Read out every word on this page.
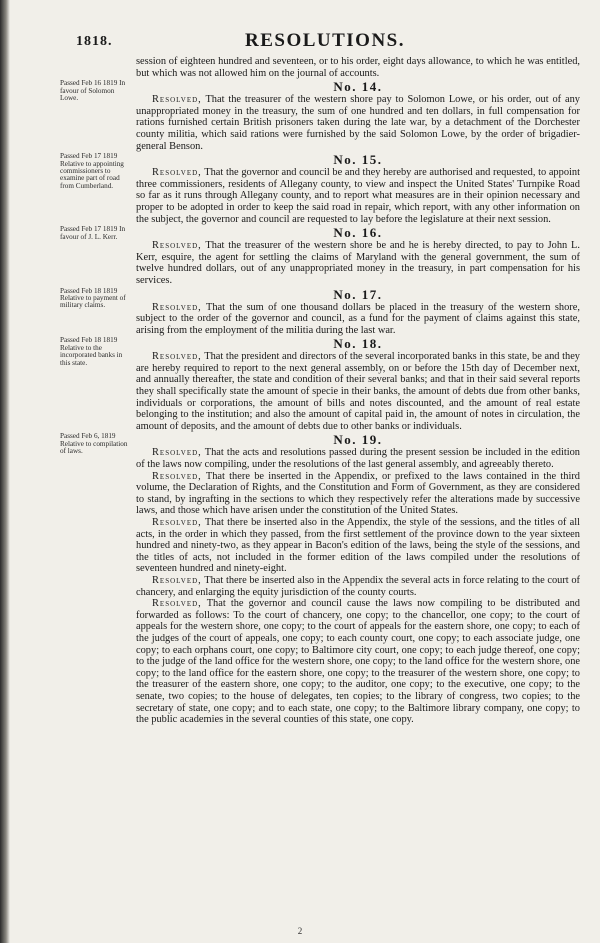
1818.	RESOLUTIONS.

session of eighteen hundred and seventeen, or to his order, eight days allowance, to which he was entitled, but which was not allowed him on the journal of accounts.

Passed Feb 16 1819 In favour of Solomon Lowe.
No. 14.

Resolved, That the treasurer of the western shore pay to Solomon Lowe, or his order, out of any unappropriated money in the treasury, the sum of one hundred and ten dollars, in full compensation for rations furnished certain British prisoners taken during the late war, by a detachment of the Dorchester county militia, which said rations were furnished by the said Solomon Lowe, by the order of brigadier-general Benson.

Passed Feb 17 1819 Relative to appointing commissioners to examine part of road from Cumberland.
No. 15.

Resolved, That the governor and council be and they hereby are authorised and requested, to appoint three commissioners, residents of Allegany county, to view and inspect the United States' Turnpike Road so far as it runs through Allegany county, and to report what measures are in their opinion necessary and proper to be adopted in order to keep the said road in repair, which report, with any other information on the subject, the governor and council are requested to lay before the legislature at their next session.

Passed Feb 17 1819 In favour of J. L. Kerr.	No. 16.

Resolved, That the treasurer of the western shore be and he is hereby directed, to pay to John L. Kerr, esquire, the agent for settling the claims of Maryland with the general government, the sum of twelve hundred dollars, out of any unappropriated money in the treasury, in part compensation for his services.

Passed Feb 18 1819 Relative to payment of military claims.
No. 17.

Resolved, That the sum of one thousand dollars be placed in the treasury of the western shore, subject to the order of the governor and council, as a fund for the payment of claims against this state, arising from the employment of the militia during the last war.

Passed Feb 18 1819 Relative to the incorporated banks in this state.
No. 18.

Resolved, That the president and directors of the several incorporated banks in this state, be and they are hereby required to report to the next general assembly, on or before the 15th day of December next, and annually thereafter, the state and condition of their several banks; and that in their said several reports they shall specifically state the amount of specie in their banks, the amount of debts due from other banks, individuals or corporations, the amount of bills and notes discounted, and the amount of real estate belonging to the institution; and also the amount of capital paid in, the amount of notes in circulation, the amount of deposits, and the amount of debts due to other banks or individuals.

Passed Feb 6, 1819 Relative to compilation of laws.
No. 19.

Resolved, That the acts and resolutions passed during the present session be included in the edition of the laws now compiling, under the resolutions of the last general assembly, and agreeably thereto.

Resolved, That there be inserted in the Appendix, or prefixed to the laws contained in the third volume, the Declaration of Rights, and the Constitution and Form of Government, as they are considered to stand, by ingrafting in the sections to which they respectively refer the alterations made by successive laws, and those which have arisen under the constitution of the United States.

Resolved, That there be inserted also in the Appendix, the style of the sessions, and the titles of all acts, in the order in which they passed, from the first settlement of the province down to the year sixteen hundred and ninety-two, as they appear in Bacon's edition of the laws, being the style of the sessions, and the titles of acts, not included in the former edition of the laws compiled under the resolutions of seventeen hundred and ninety-eight.

Resolved, That there be inserted also in the Appendix the several acts in force relating to the court of chancery, and enlarging the equity jurisdiction of the county courts.

Resolved, That the governor and council cause the laws now compiling to be distributed and forwarded as follows: To the court of chancery, one copy; to the chancellor, one copy; to the court of appeals for the western shore, one copy; to the court of appeals for the eastern shore, one copy; to each of the judges of the court of appeals, one copy; to each county court, one copy; to each associate judge, one copy; to each orphans court, one copy; to Baltimore city court, one copy; to each judge thereof, one copy; to the judge of the land office for the western shore, one copy; to the land office for the western shore, one copy; to the land office for the eastern shore, one copy; to the treasurer of the western shore, one copy; to the treasurer of the eastern shore, one copy; to the auditor, one copy; to the executive, one copy; to the senate, two copies; to the house of delegates, ten copies; to the library of congress, two copies; to the secretary of state, one copy; and to each state, one copy; to the Baltimore library company, one copy; to the public academies in the several counties of this state, one copy.

2
